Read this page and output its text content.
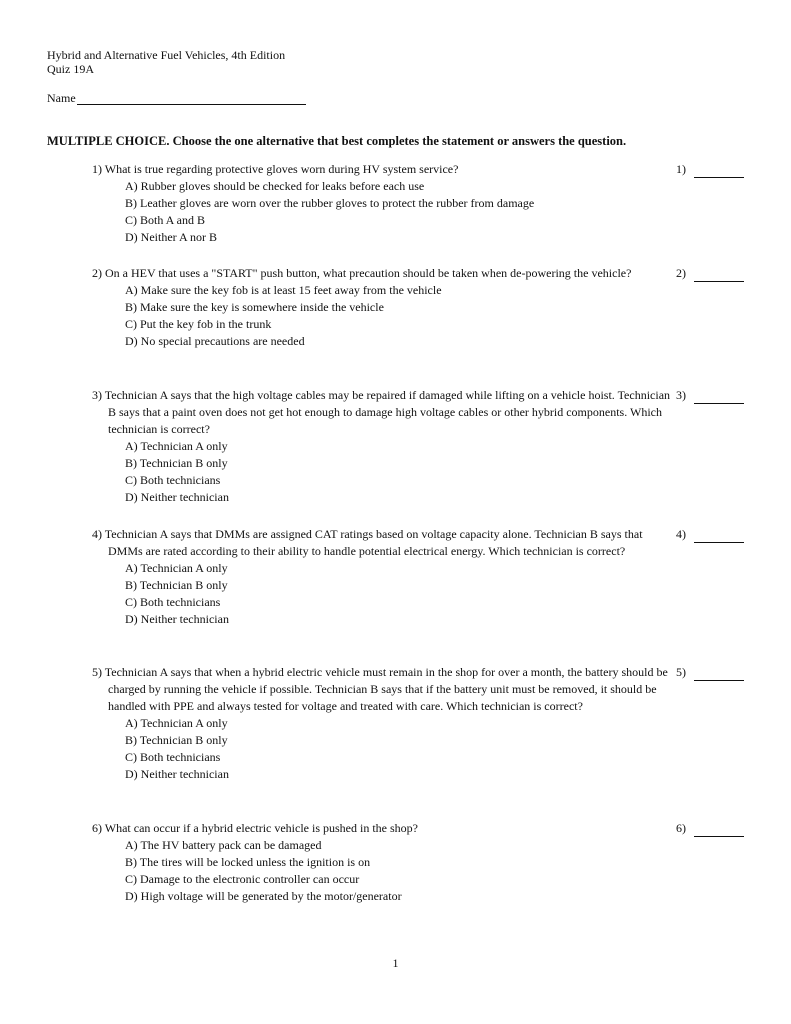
Hybrid and Alternative Fuel Vehicles, 4th Edition
Quiz 19A
Name
MULTIPLE CHOICE. Choose the one alternative that best completes the statement or answers the question.

1) What is true regarding protective gloves worn during HV system service?

A) Rubber gloves should be checked for leaks before each use

B) Leather gloves are worn over the rubber gloves to protect the rubber from damage

C) Both A and B

D) Neither A nor B

1)

2) On a HEV that uses a "START" push button, what precaution should be taken when de-powering the vehicle?

A) Make sure the key fob is at least 15 feet away from the vehicle

B) Make sure the key is somewhere inside the vehicle

C) Put the key fob in the trunk

D) No special precautions are needed

2)

3) Technician A says that the high voltage cables may be repaired if damaged while lifting on a vehicle hoist. Technician B says that a paint oven does not get hot enough to damage high voltage cables or other hybrid components. Which technician is correct?

A) Technician A only

B) Technician B only

C) Both technicians

D) Neither technician

3)

4) Technician A says that DMMs are assigned CAT ratings based on voltage capacity alone. Technician B says that DMMs are rated according to their ability to handle potential electrical energy. Which technician is correct?

A) Technician A only

B) Technician B only

C) Both technicians

D) Neither technician

4)

5) Technician A says that when a hybrid electric vehicle must remain in the shop for over a month, the battery should be charged by running the vehicle if possible. Technician B says that if the battery unit must be removed, it should be handled with PPE and always tested for voltage and treated with care. Which technician is correct?

A) Technician A only

B) Technician B only

C) Both technicians

D) Neither technician

5)

6) What can occur if a hybrid electric vehicle is pushed in the shop?

A) The HV battery pack can be damaged

B) The tires will be locked unless the ignition is on

C) Damage to the electronic controller can occur

D) High voltage will be generated by the motor/generator

6)
1
